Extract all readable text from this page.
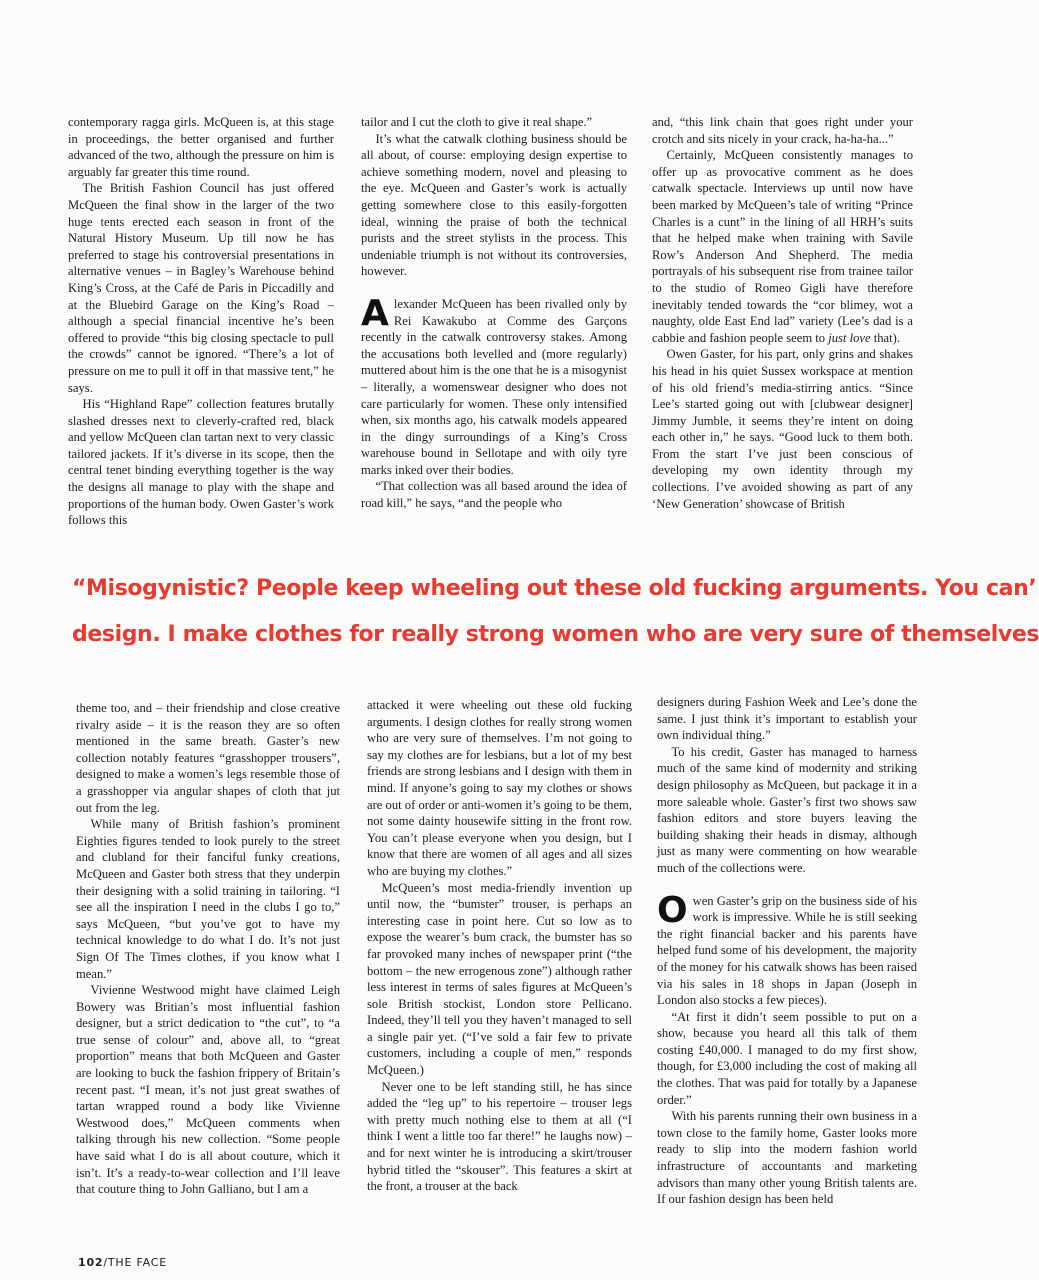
contemporary ragga girls. McQueen is, at this stage in proceedings, the better organised and further advanced of the two, although the pressure on him is arguably far greater this time round.

The British Fashion Council has just offered McQueen the final show in the larger of the two huge tents erected each season in front of the Natural History Museum. Up till now he has preferred to stage his controversial presentations in alternative venues – in Bagley’s Warehouse behind King’s Cross, at the Café de Paris in Piccadilly and at the Bluebird Garage on the King’s Road – although a special financial incentive he’s been offered to provide “this big closing spectacle to pull the crowds” cannot be ignored. “There’s a lot of pressure on me to pull it off in that massive tent,” he says.

His “Highland Rape” collection features brutally slashed dresses next to cleverly-crafted red, black and yellow McQueen clan tartan next to very classic tailored jackets. If it’s diverse in its scope, then the central tenet binding everything together is the way the designs all manage to play with the shape and proportions of the human body. Owen Gaster’s work follows this

tailor and I cut the cloth to give it real shape.”

It’s what the catwalk clothing business should be all about, of course: employing design expertise to achieve something modern, novel and pleasing to the eye. McQueen and Gaster’s work is actually getting somewhere close to this easily-forgotten ideal, winning the praise of both the technical purists and the street stylists in the process. This undeniable triumph is not without its controversies, however.

Alexander McQueen has been rivalled only by Rei Kawakubo at Comme des Garçons recently in the catwalk controversy stakes. Among the accusations both levelled and (more regularly) muttered about him is the one that he is a misogynist – literally, a womenswear designer who does not care particularly for women. These only intensified when, six months ago, his catwalk models appeared in the dingy surroundings of a King’s Cross warehouse bound in Sellotape and with oily tyre marks inked over their bodies.

“That collection was all based around the idea of road kill,” he says, “and the people who

and, “this link chain that goes right under your crotch and sits nicely in your crack, ha-ha-ha...”

Certainly, McQueen consistently manages to offer up as provocative comment as he does catwalk spectacle. Interviews up until now have been marked by McQueen’s tale of writing “Prince Charles is a cunt” in the lining of all HRH’s suits that he helped make when training with Savile Row’s Anderson And Shepherd. The media portrayals of his subsequent rise from trainee tailor to the studio of Romeo Gigli have therefore inevitably tended towards the “cor blimey, wot a naughty, olde East End lad” variety (Lee’s dad is a cabbie and fashion people seem to just love that).

Owen Gaster, for his part, only grins and shakes his head in his quiet Sussex workspace at mention of his old friend’s media-stirring antics. “Since Lee’s started going out with [clubwear designer] Jimmy Jumble, it seems they’re intent on doing each other in,” he says. “Good luck to them both. From the start I’ve just been conscious of developing my own identity through my collections. I’ve avoided showing as part of any ‘New Generation’ showcase of British

“Misogynistic? People keep wheeling out these old fucking arguments. You can’
design. I make clothes for really strong women who are very sure of themselves

theme too, and – their friendship and close creative rivalry aside – it is the reason they are so often mentioned in the same breath. Gaster’s new collection notably features “grasshopper trousers”, designed to make a women’s legs resemble those of a grasshopper via angular shapes of cloth that jut out from the leg.

While many of British fashion’s prominent Eighties figures tended to look purely to the street and clubland for their fanciful funky creations, McQueen and Gaster both stress that they underpin their designing with a solid training in tailoring. “I see all the inspiration I need in the clubs I go to,” says McQueen, “but you’ve got to have my technical knowledge to do what I do. It’s not just Sign Of The Times clothes, if you know what I mean.”

Vivienne Westwood might have claimed Leigh Bowery was Britian’s most influential fashion designer, but a strict dedication to “the cut”, to “a true sense of colour” and, above all, to “great proportion” means that both McQueen and Gaster are looking to buck the fashion frippery of Britain’s recent past. “I mean, it’s not just great swathes of tartan wrapped round a body like Vivienne Westwood does,” McQueen comments when talking through his new collection. “Some people have said what I do is all about couture, which it isn’t. It’s a ready-to-wear collection and I’ll leave that couture thing to John Galliano, but I am a

attacked it were wheeling out these old fucking arguments. I design clothes for really strong women who are very sure of themselves. I’m not going to say my clothes are for lesbians, but a lot of my best friends are strong lesbians and I design with them in mind. If anyone’s going to say my clothes or shows are out of order or anti-women it’s going to be them, not some dainty housewife sitting in the front row. You can’t please everyone when you design, but I know that there are women of all ages and all sizes who are buying my clothes.”

McQueen’s most media-friendly invention up until now, the “bumster” trouser, is perhaps an interesting case in point here. Cut so low as to expose the wearer’s bum crack, the bumster has so far provoked many inches of newspaper print (“the bottom – the new errogenous zone”) although rather less interest in terms of sales figures at McQueen’s sole British stockist, London store Pellicano. Indeed, they’ll tell you they haven’t managed to sell a single pair yet. (“I’ve sold a fair few to private customers, including a couple of men,” responds McQueen.)

Never one to be left standing still, he has since added the “leg up” to his repertoire – trouser legs with pretty much nothing else to them at all (“I think I went a little too far there!” he laughs now) – and for next winter he is introducing a skirt/trouser hybrid titled the “skouser”. This features a skirt at the front, a trouser at the back

designers during Fashion Week and Lee’s done the same. I just think it’s important to establish your own individual thing.”

To his credit, Gaster has managed to harness much of the same kind of modernity and striking design philosophy as McQueen, but package it in a more saleable whole. Gaster’s first two shows saw fashion editors and store buyers leaving the building shaking their heads in dismay, although just as many were commenting on how wearable much of the collections were.

Owen Gaster’s grip on the business side of his work is impressive. While he is still seeking the right financial backer and his parents have helped fund some of his development, the majority of the money for his catwalk shows has been raised via his sales in 18 shops in Japan (Joseph in London also stocks a few pieces).

“At first it didn’t seem possible to put on a show, because you heard all this talk of them costing £40,000. I managed to do my first show, though, for £3,000 including the cost of making all the clothes. That was paid for totally by a Japanese order.”

With his parents running their own business in a town close to the family home, Gaster looks more ready to slip into the modern fashion world infrastructure of accountants and marketing advisors than many other young British talents are. If our fashion design has been held

102/THE FACE
